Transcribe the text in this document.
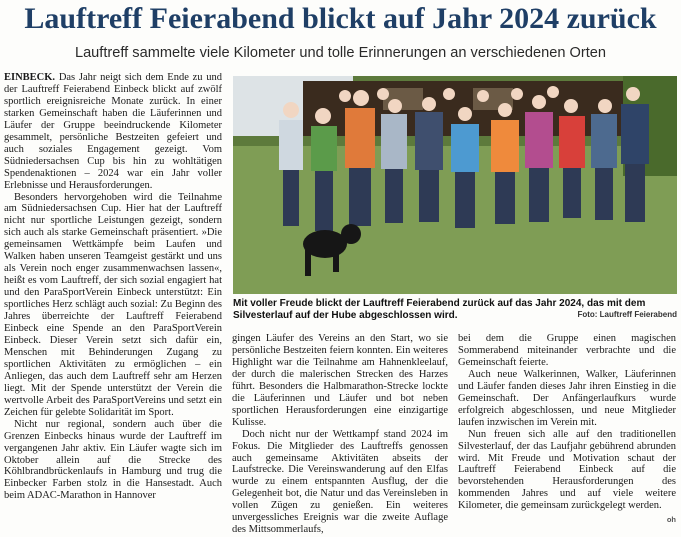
Lauftreff Feierabend blickt auf Jahr 2024 zurück
Lauftreff sammelte viele Kilometer und tolle Erinnerungen an verschiedenen Orten

EINBECK. Das Jahr neigt sich dem Ende zu und der Lauftreff Feierabend Einbeck blickt auf zwölf sportlich ereignisreiche Monate zurück. In einer starken Gemeinschaft haben die Läuferinnen und Läufer der Gruppe beeindruckende Kilometer gesammelt, persönliche Bestzeiten gefeiert und auch soziales Engagement gezeigt. Vom Südniedersachsen Cup bis hin zu wohltätigen Spendenaktionen – 2024 war ein Jahr voller Erlebnisse und Herausforderungen.

Besonders hervorgehoben wird die Teilnahme am Südniedersachsen Cup. Hier hat der Lauftreff nicht nur sportliche Leistungen gezeigt, sondern sich auch als starke Gemeinschaft präsentiert. »Die gemeinsamen Wettkämpfe beim Laufen und Walken haben unseren Teamgeist gestärkt und uns als Verein noch enger zusammenwachsen lassen«, heißt es vom Lauftreff, der sich sozial engagiert hat und den ParaSportVerein Einbeck unterstützt: Ein sportliches Herz schlägt auch sozial: Zu Beginn des Jahres überreichte der Lauftreff Feierabend Einbeck eine Spende an den ParaSportVerein Einbeck. Dieser Verein setzt sich dafür ein, Menschen mit Behinderungen Zugang zu sportlichen Aktivitäten zu ermöglichen – ein Anliegen, das auch dem Lauftreff sehr am Herzen liegt. Mit der Spende unterstützt der Verein die wertvolle Arbeit des ParaSportVereins und setzt ein Zeichen für gelebte Solidarität im Sport.

Nicht nur regional, sondern auch über die Grenzen Einbecks hinaus wurde der Lauftreff im vergangenen Jahr aktiv. Ein Läufer wagte sich im Oktober allein auf die Strecke des Köhlbrandbrückenlaufs in Hamburg und trug die Einbecker Farben stolz in die Hansestadt. Auch beim ADAC-Marathon in Hannover

Mit voller Freude blickt der Lauftreff Feierabend zurück auf das Jahr 2024, das mit dem Silvesterlauf auf der Hube abgeschlossen wird.	Foto: Lauftreff Feierabend

gingen Läufer des Vereins an den Start, wo sie persönliche Bestzeiten feiern konnten. Ein weiteres Highlight war die Teilnahme am Hahnenkleelauf, der durch die malerischen Strecken des Harzes führt. Besonders die Halbmarathon-Strecke lockte die Läuferinnen und Läufer und bot neben sportlichen Herausforderungen eine einzigartige Kulisse.

Doch nicht nur der Wettkampf stand 2024 im Fokus. Die Mitglieder des Lauftreffs genossen auch gemeinsame Aktivitäten abseits der Laufstrecke. Die Vereinswanderung auf den Elfas wurde zu einem entspannten Ausflug, der die Gelegenheit bot, die Natur und das Vereinsleben in vollen Zügen zu genießen. Ein weiteres unvergessliches Ereignis war die zweite Auflage des Mittsommerlaufs,

bei dem die Gruppe einen magischen Sommerabend miteinander verbrachte und die Gemeinschaft feierte.

Auch neue Walkerinnen, Walker, Läuferinnen und Läufer fanden dieses Jahr ihren Einstieg in die Gemeinschaft. Der Anfängerlaufkurs wurde erfolgreich abgeschlossen, und neue Mitglieder laufen inzwischen im Verein mit.

Nun freuen sich alle auf den traditionellen Silvesterlauf, der das Laufjahr gebührend abrunden wird. Mit Freude und Motivation schaut der Lauftreff Feierabend Einbeck auf die bevorstehenden Herausforderungen des kommenden Jahres und auf viele weitere Kilometer, die gemeinsam zurückgelegt werden.
oh
